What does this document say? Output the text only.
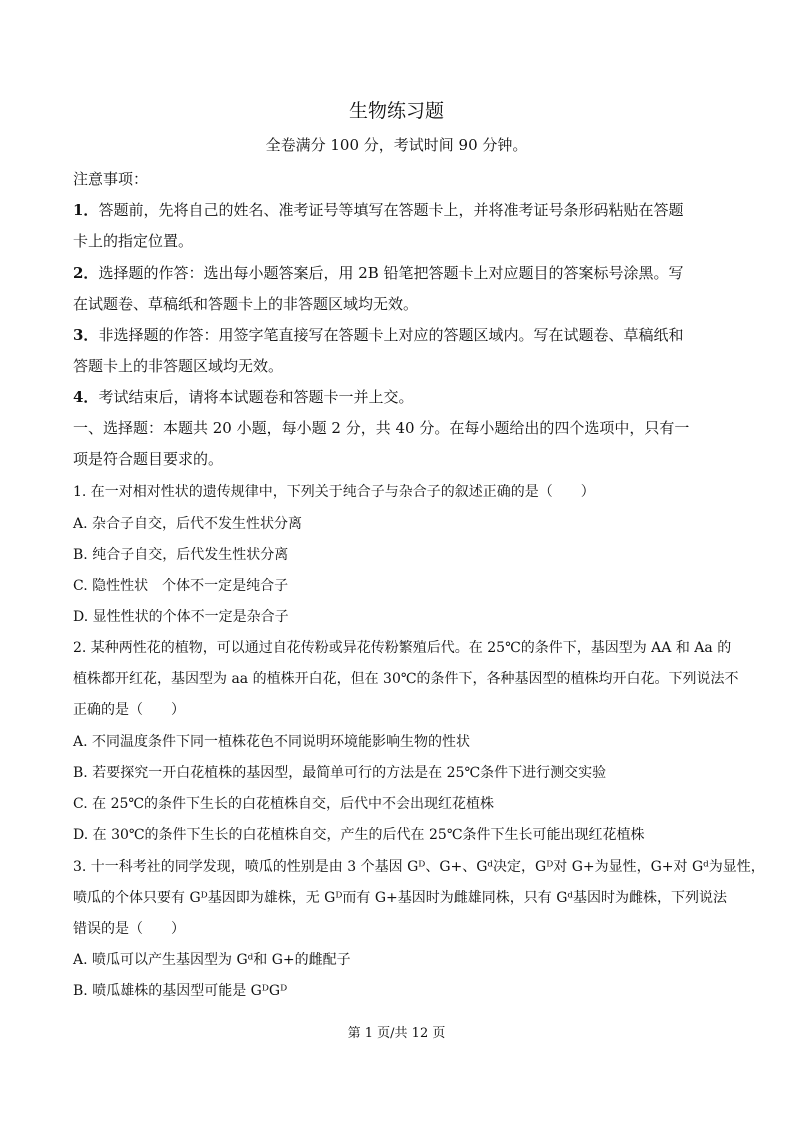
生物练习题
全卷满分 100 分，考试时间 90 分钟。
注意事项：
1．答题前，先将自己的姓名、准考证号等填写在答题卡上，并将准考证号条形码粘贴在答题
卡上的指定位置。
2．选择题的作答：选出每小题答案后，用 2B 铅笔把答题卡上对应题目的答案标号涂黑。写
在试题卷、草稿纸和答题卡上的非答题区域均无效。
3．非选择题的作答：用签字笔直接写在答题卡上对应的答题区域内。写在试题卷、草稿纸和
答题卡上的非答题区域均无效。
4．考试结束后，请将本试题卷和答题卡一并上交。
一、选择题：本题共 20 小题，每小题 2 分，共 40 分。在每小题给出的四个选项中，只有一
项是符合题目要求的。
1. 在一对相对性状的遗传规律中，下列关于纯合子与杂合子的叙述正确的是（　　）
A. 杂合子自交，后代不发生性状分离
B. 纯合子自交，后代发生性状分离
C. 隐性性状　个体不一定是纯合子
D. 显性性状的个体不一定是杂合子
2. 某种两性花的植物，可以通过自花传粉或异花传粉繁殖后代。在 25℃的条件下，基因型为 AA 和 Aa 的
植株都开红花，基因型为 aa 的植株开白花，但在 30℃的条件下，各种基因型的植株均开白花。下列说法不
正确的是（　　）
A. 不同温度条件下同一植株花色不同说明环境能影响生物的性状
B. 若要探究一开白花植株的基因型，最简单可行的方法是在 25℃条件下进行测交实验
C. 在 25℃的条件下生长的白花植株自交，后代中不会出现红花植株
D. 在 30℃的条件下生长的白花植株自交，产生的后代在 25℃条件下生长可能出现红花植株
3. 十一科考社的同学发现，喷瓜的性别是由 3 个基因 Gᴰ、G+、Gᵈ决定，Gᴰ对 G+为显性，G+对 Gᵈ为显性，
喷瓜的个体只要有 Gᴰ基因即为雄株，无 Gᴰ而有 G+基因时为雌雄同株，只有 Gᵈ基因时为雌株，下列说法
错误的是（　　）
A. 喷瓜可以产生基因型为 Gᵈ和 G+的雌配子
B. 喷瓜雄株的基因型可能是 GᴰGᴰ
第 1 页/共 12 页
